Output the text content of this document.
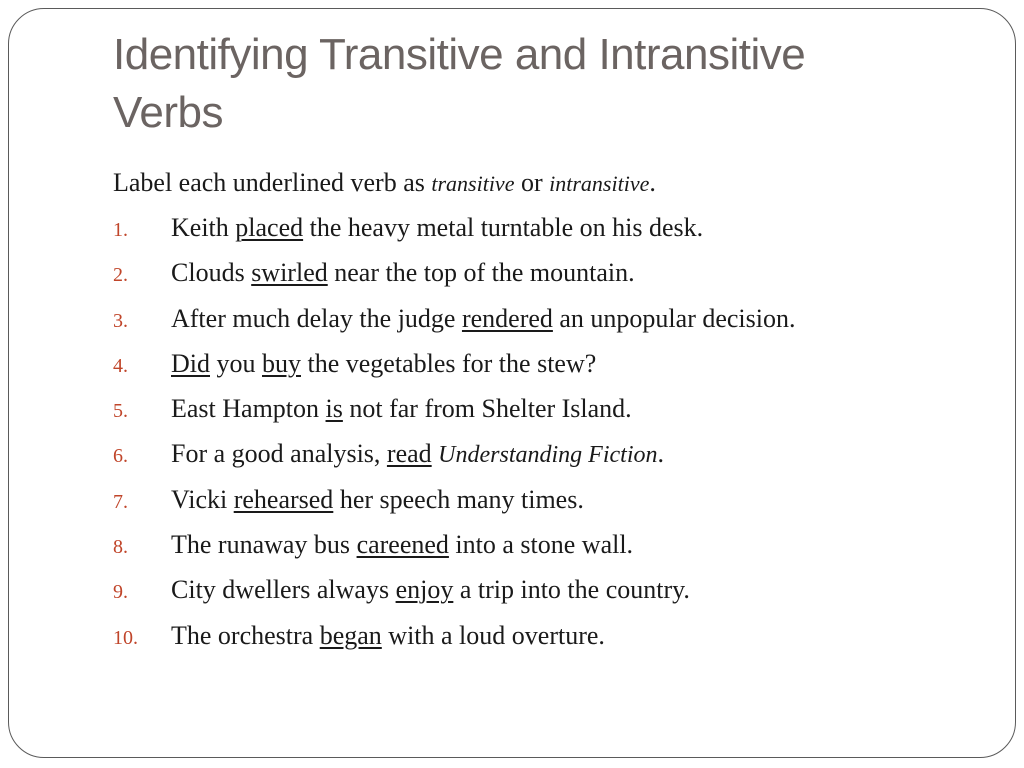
Identifying Transitive and Intransitive
Verbs
Label each underlined verb as transitive or intransitive.
1.	Keith placed the heavy metal turntable on his desk.
2.	Clouds swirled near the top of the mountain.
3.	After much delay the judge rendered an unpopular decision.
4.	Did you buy the vegetables for the stew?
5.	East Hampton is not far from Shelter Island.
6.	For a good analysis, read Understanding Fiction.
7.	Vicki rehearsed her speech many times.
8.	The runaway bus careened into a stone wall.
9.	City dwellers always enjoy a trip into the country.
10.	The orchestra began with a loud overture.
